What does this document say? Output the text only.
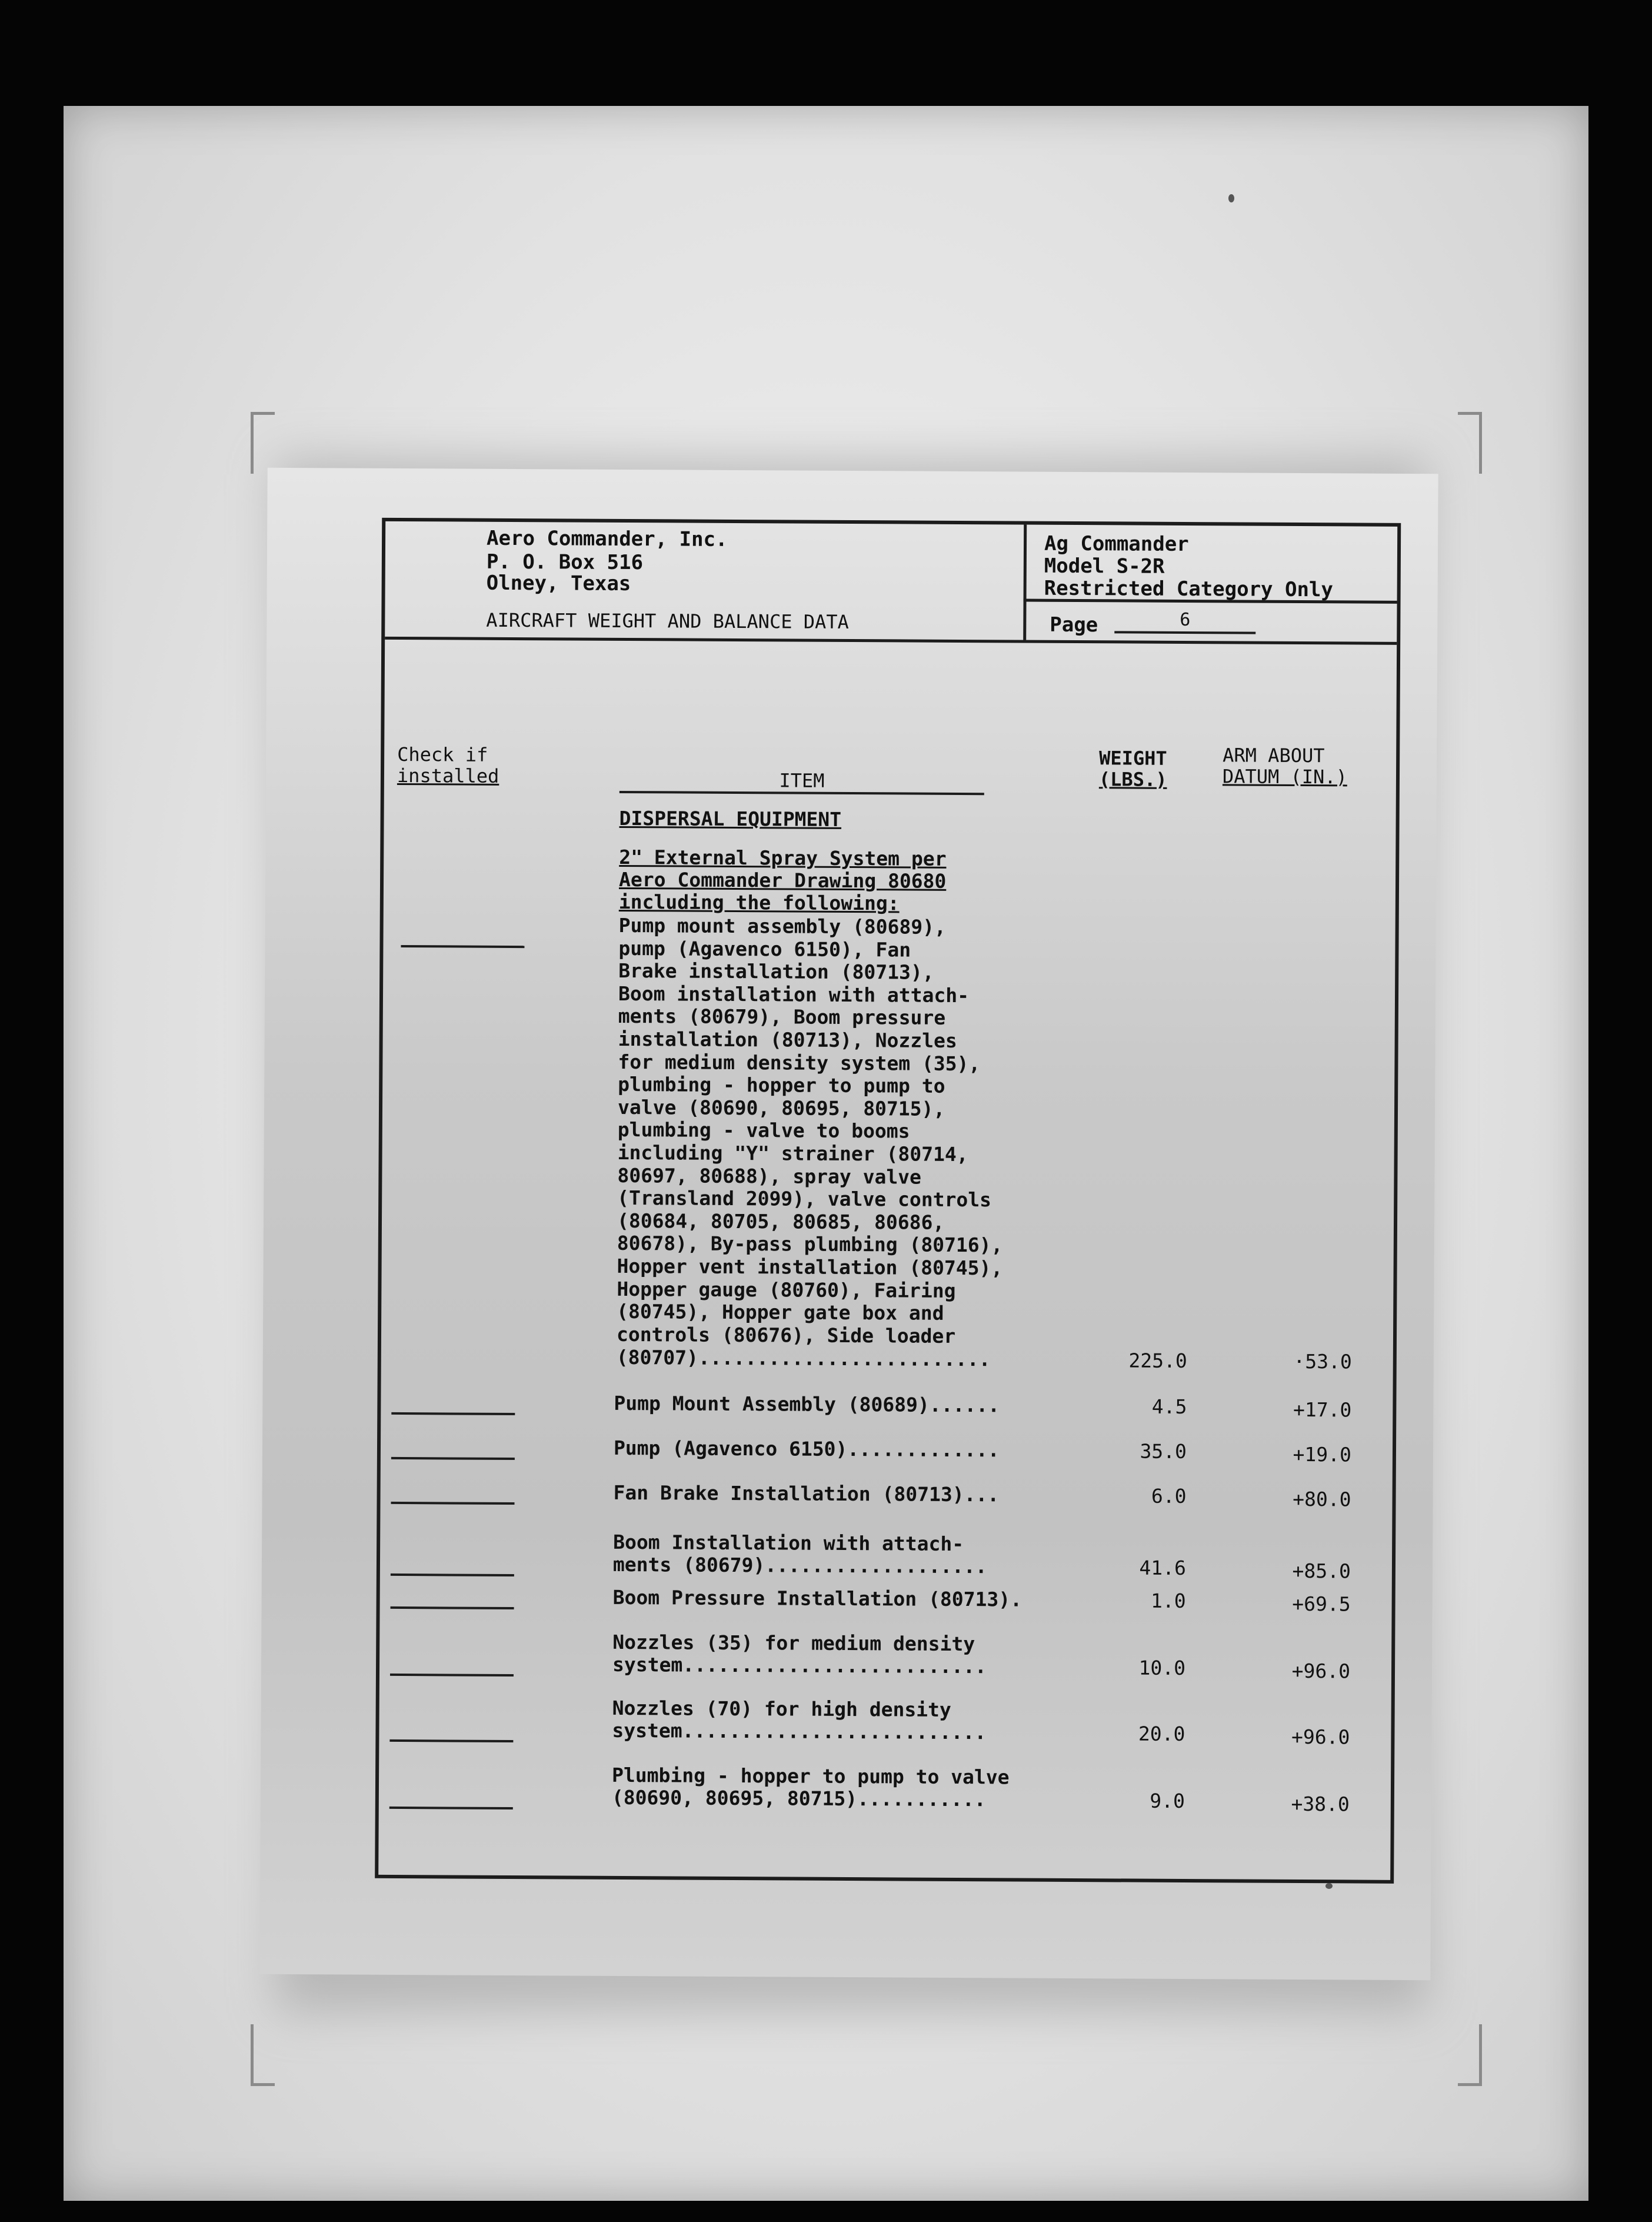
Aero Commander, Inc.
P. O. Box 516
Olney, Texas
AIRCRAFT WEIGHT AND BALANCE DATA
Ag Commander
Model S-2R
Restricted Category Only
Page	6
Check if
installed	ITEM
WEIGHT
(LBS.)
ARM ABOUT
DATUM (IN.)
DISPERSAL EQUIPMENT
2" External Spray System per
Aero Commander Drawing 80680
including the following:
Pump mount assembly (80689),
pump (Agavenco 6150), Fan
Brake installation (80713),
Boom installation with attach-
ments (80679), Boom pressure
installation (80713), Nozzles
for medium density system (35),
plumbing - hopper to pump to
valve (80690, 80695, 80715),
plumbing - valve to booms
including "Y" strainer (80714,
80697, 80688), spray valve
(Transland 2099), valve controls
(80684, 80705, 80685, 80686,
80678), By-pass plumbing (80716),
Hopper vent installation (80745),
Hopper gauge (80760), Fairing
(80745), Hopper gate box and
controls (80676), Side loader
(80707).........................	225.0	·53.0
Pump Mount Assembly (80689)......	4.5	+17.0
Pump (Agavenco 6150).............	35.0	+19.0
Fan Brake Installation (80713)...	6.0	+80.0
Boom Installation with attach-
ments (80679)...................	41.6	+85.0
Boom Pressure Installation (80713).	1.0	+69.5
Nozzles (35) for medium density
system..........................	10.0	+96.0
Nozzles (70) for high density
system..........................	20.0	+96.0
Plumbing - hopper to pump to valve
(80690, 80695, 80715)...........	9.0	+38.0
